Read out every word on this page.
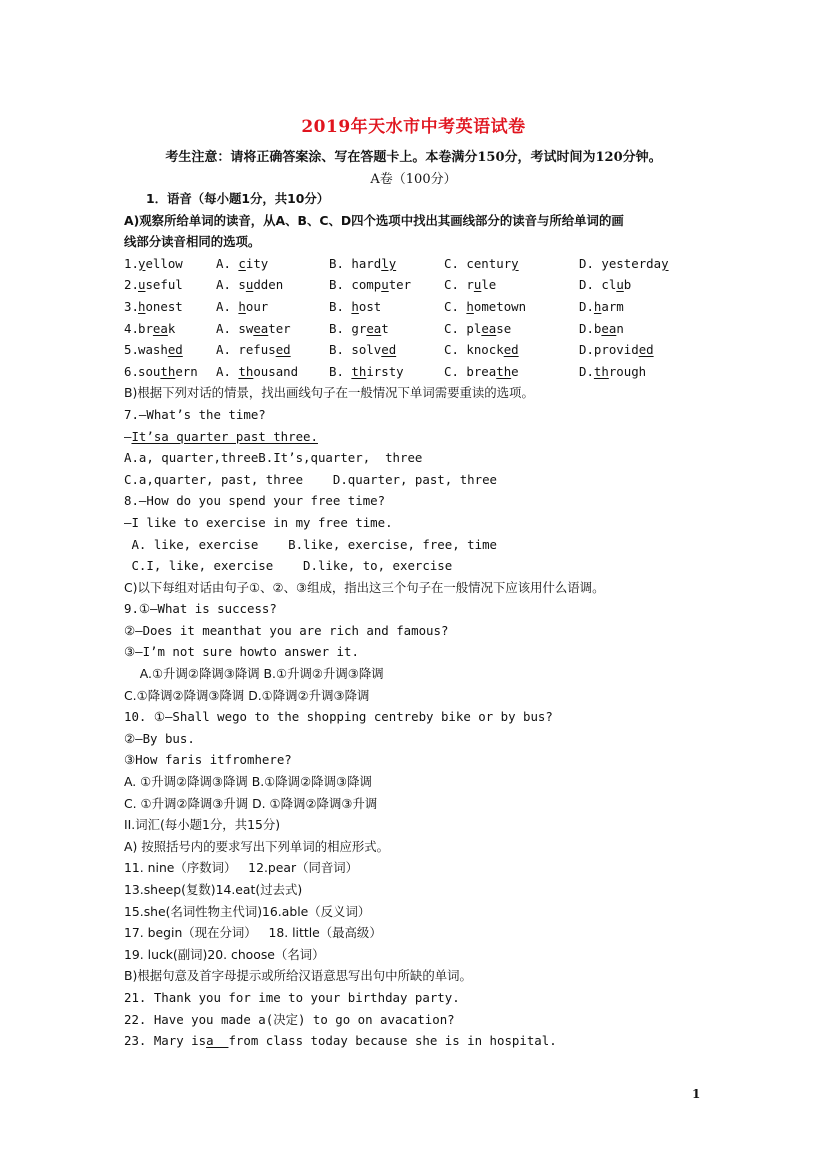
2019年天水市中考英语试卷
考生注意：请将正确答案涂、写在答题卡上。本卷满分150分，考试时间为120分钟。
A卷（100分）
1．语音（每小题1分，共10分）
A)观察所给单词的读音，从A、B、C、D四个选项中找出其画线部分的读音与所给单词的画
线部分读音相同的选项。
1. yellow	A. city	B. hardly	C. century	D. yesterday
2. useful	A. sudden	B. computer	C. rule	D. club
3. honest	A. hour	B. host	C. hometown	D.harm
4. break	A. sweater	B. great	C. please	D.bean
5. washed	A. refused	B. solved	C. knocked	D.provided
6. southern A. thousand B. thirsty	C. breathe	D.through
B)根据下列对话的情景，找出画线句子在一般情况下单词需要重读的选项。
7.—What’s the time?
—It’sa quarter past three.
A.a, quarter,threeB.It’s,quarter,  three
C.a,quarter, past, three    D.quarter, past, three
8.—How do you spend your free time?
—I like to exercise in my free time.
A. like, exercise    B.like, exercise, free, time
C.I, like, exercise    D.like, to, exercise
C)以下每组对话由句子①、②、③组成，指出这三个句子在一般情况下应该用什么语调。
9.①—What is success?
②—Does it meanthat you are rich and famous?
③—I’m not sure howto answer it.
A.①升调②降调③降调 B.①升调②升调③降调
C.①降调②降调③降调 D.①降调②升调③降调
10. ①—Shall wego to the shopping centreby bike or by bus?
②—By bus.
③How faris itfromhere?
A. ①升调②降调③降调 B.①降调②降调③降调
C. ①升调②降调③升调 D. ①降调②降调③升调
II.词汇(每小题1分，共15分)
A) 按照括号内的要求写出下列单词的相应形式。
11. nine（序数词）   12.pear（同音词）
13.sheep(复数)14.eat(过去式)
15.she(名词性物主代词)16.able（反义词）
17. begin（现在分词）   18. little（最高级）
19. luck(副词)20. choose（名词）
B)根据句意及首字母提示或所给汉语意思写出句中所缺的单词。
21. Thank you for ime to your birthday party.
22. Have you made a(决定) to go on avacation?
23. Mary isa  from class today because she is in hospital.
1
